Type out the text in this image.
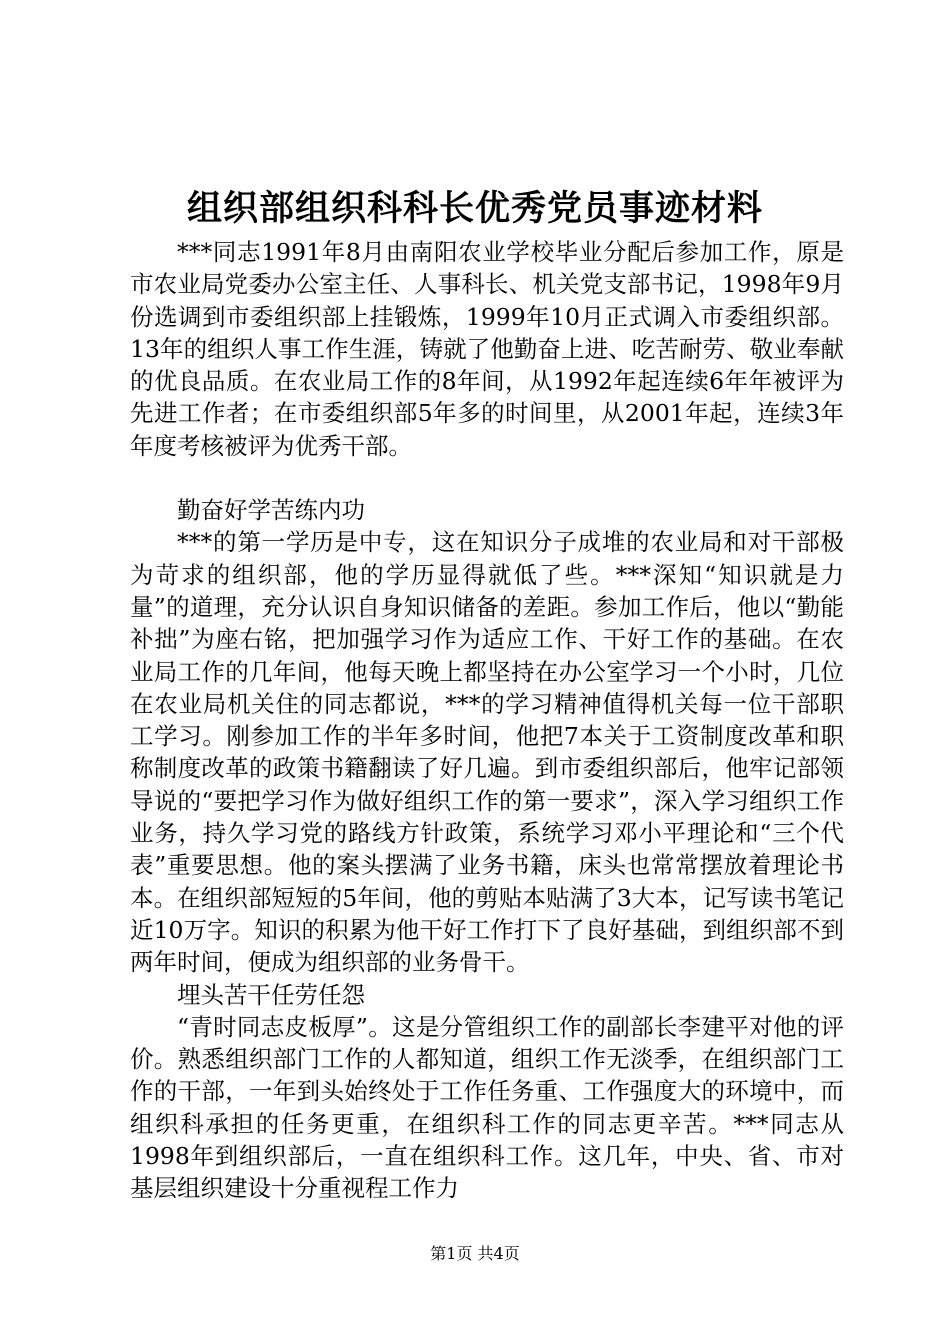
组织部组织科科长优秀党员事迹材料

***同志1991年8月由南阳农业学校毕业分配后参加工作，原是市农业局党委办公室主任、人事科长、机关党支部书记，1998年9月份选调到市委组织部上挂锻炼，1999年10月正式调入市委组织部。13年的组织人事工作生涯，铸就了他勤奋上进、吃苦耐劳、敬业奉献的优良品质。在农业局工作的8年间，从1992年起连续6年年被评为先进工作者；在市委组织部5年多的时间里，从2001年起，连续3年年度考核被评为优秀干部。

勤奋好学苦练内功

***的第一学历是中专，这在知识分子成堆的农业局和对干部极为苛求的组织部，他的学历显得就低了些。***深知“知识就是力量”的道理，充分认识自身知识储备的差距。参加工作后，他以“勤能补拙”为座右铭，把加强学习作为适应工作、干好工作的基础。在农业局工作的几年间，他每天晚上都坚持在办公室学习一个小时，几位在农业局机关住的同志都说，***的学习精神值得机关每一位干部职工学习。刚参加工作的半年多时间，他把7本关于工资制度改革和职称制度改革的政策书籍翻读了好几遍。到市委组织部后，他牢记部领导说的“要把学习作为做好组织工作的第一要求”，深入学习组织工作业务，持久学习党的路线方针政策，系统学习邓小平理论和“三个代表”重要思想。他的案头摆满了业务书籍，床头也常常摆放着理论书本。在组织部短短的5年间，他的剪贴本贴满了3大本，记写读书笔记近10万字。知识的积累为他干好工作打下了良好基础，到组织部不到两年时间，便成为组织部的业务骨干。

埋头苦干任劳任怨

“青时同志皮板厚”。这是分管组织工作的副部长李建平对他的评价。熟悉组织部门工作的人都知道，组织工作无淡季，在组织部门工作的干部，一年到头始终处于工作任务重、工作强度大的环境中，而组织科承担的任务更重，在组织科工作的同志更辛苦。***同志从1998年到组织部后，一直在组织科工作。这几年，中央、省、市对基层组织建设十分重视程工作力

第1页 共4页
